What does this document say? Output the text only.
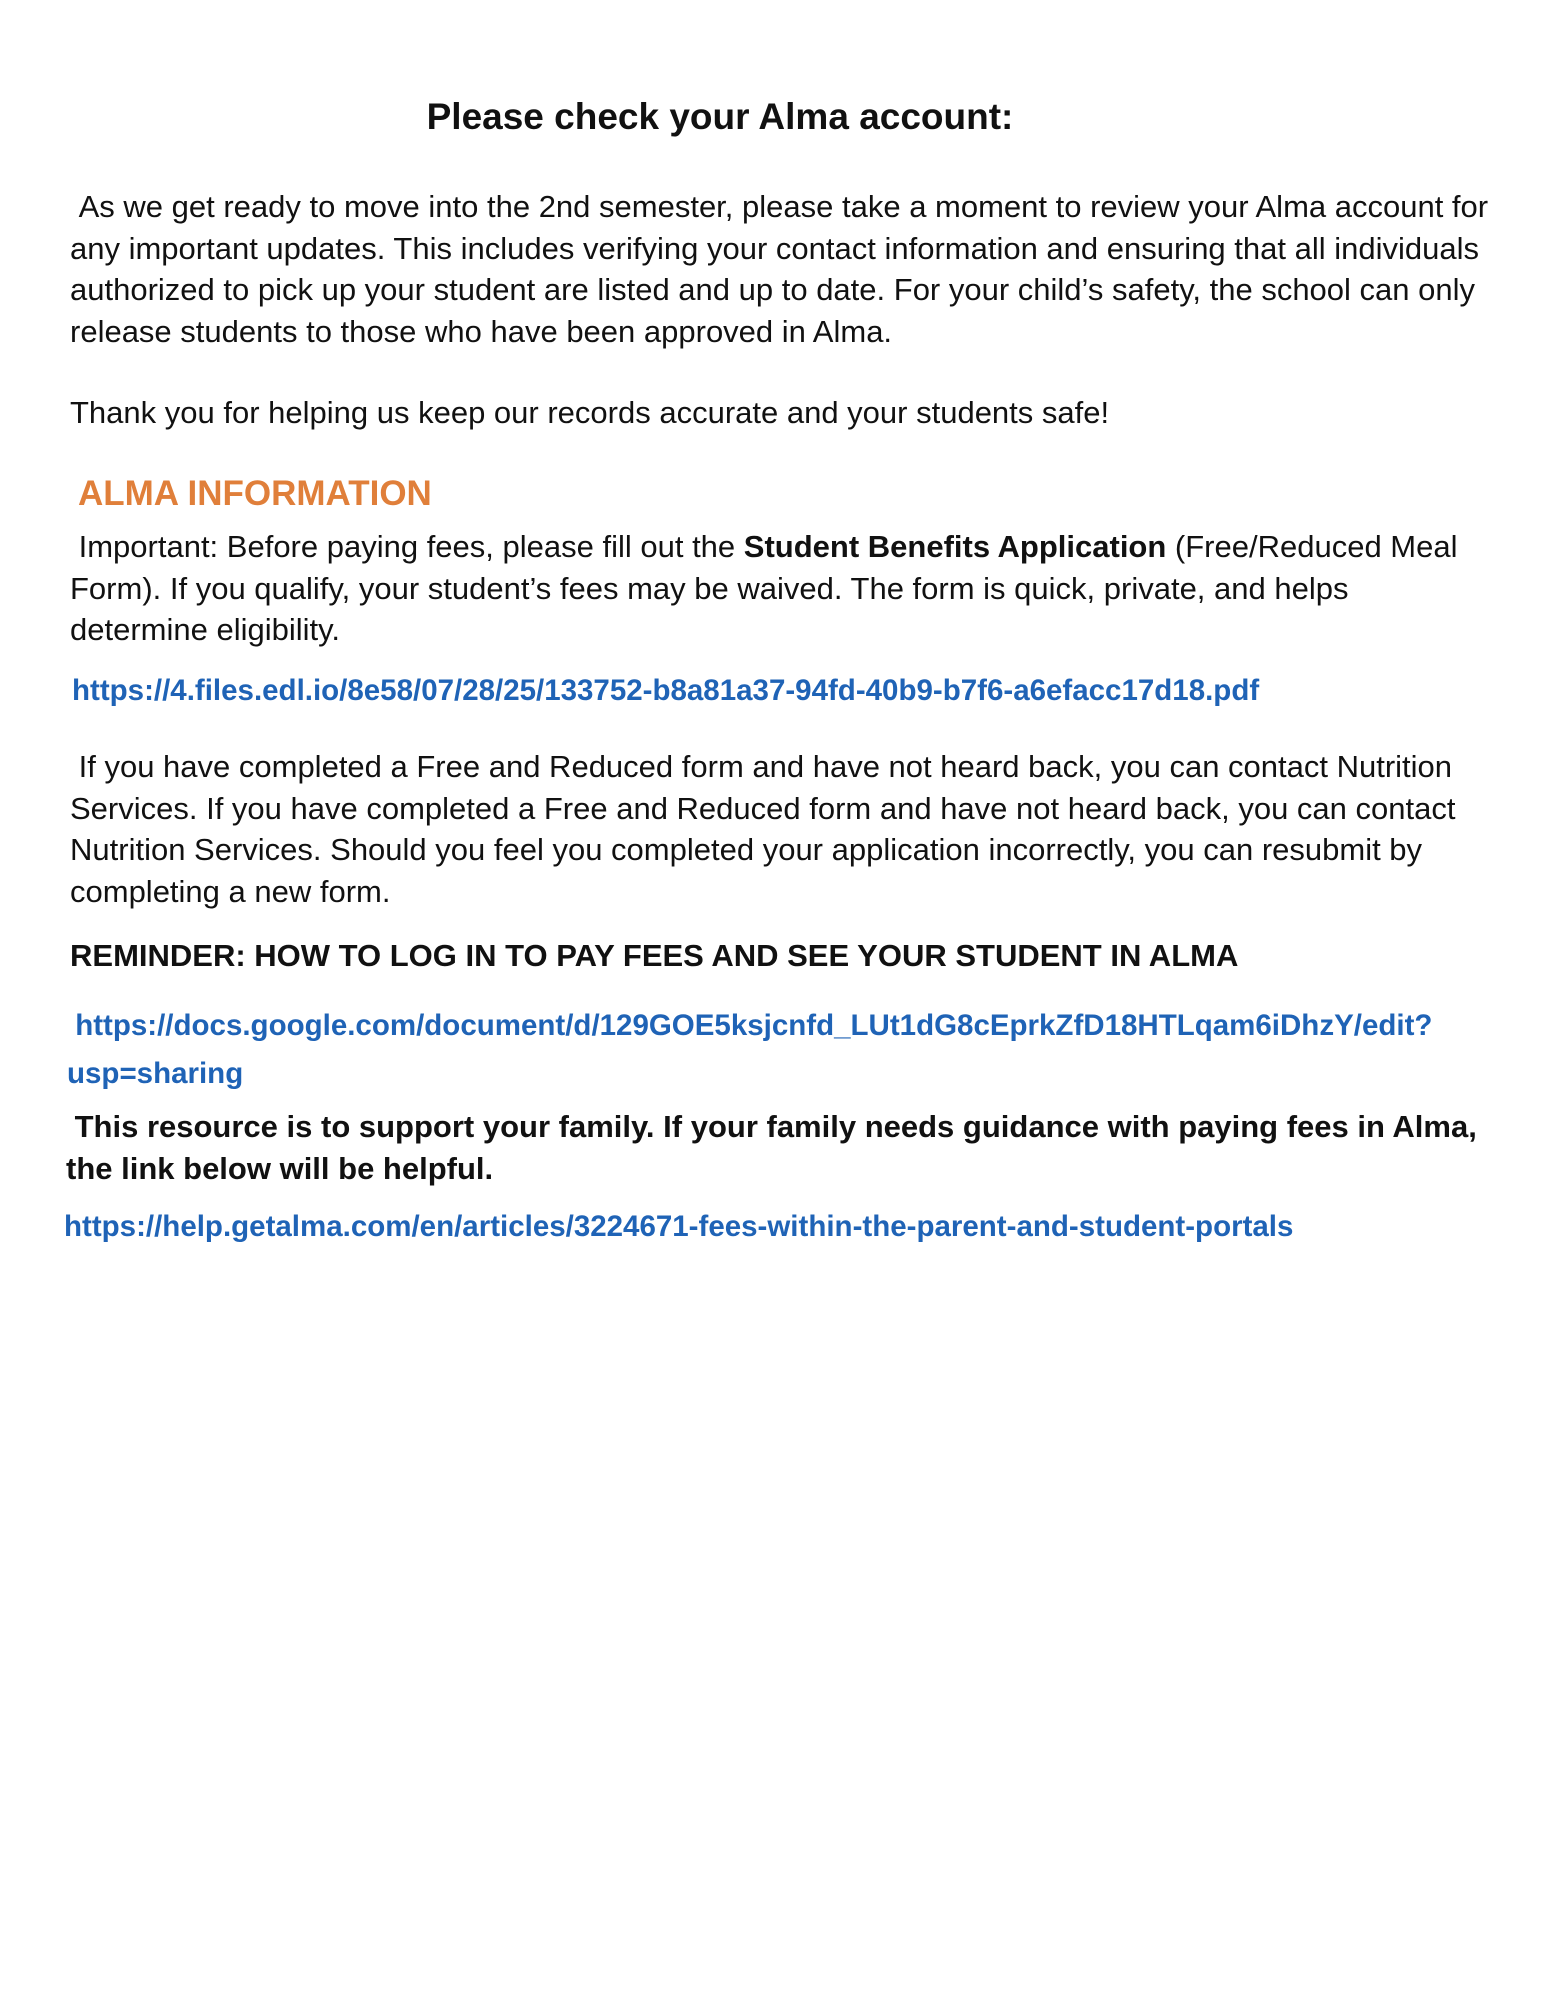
Please check your Alma account:

As we get ready to move into the 2nd semester, please take a moment to review your Alma account for any important updates. This includes verifying your contact information and ensuring that all individuals authorized to pick up your student are listed and up to date. For your child’s safety, the school can only release students to those who have been approved in Alma.

Thank you for helping us keep our records accurate and your students safe!

ALMA INFORMATION

Important: Before paying fees, please fill out the Student Benefits Application (Free/Reduced Meal Form). If you qualify, your student’s fees may be waived. The form is quick, private, and helps determine eligibility.

https://4.files.edl.io/8e58/07/28/25/133752-b8a81a37-94fd-40b9-b7f6-a6efacc17d18.pdf

If you have completed a Free and Reduced form and have not heard back, you can contact Nutrition Services. If you have completed a Free and Reduced form and have not heard back, you can contact Nutrition Services. Should you feel you completed your application incorrectly, you can resubmit by completing a new form.

REMINDER: HOW TO LOG IN TO PAY FEES AND SEE YOUR STUDENT IN ALMA

https://docs.google.com/document/d/129GOE5ksjcnfd_LUt1dG8cEprkZfD18HTLqam6iDhzY/edit?
usp=sharing

This resource is to support your family. If your family needs guidance with paying fees in Alma, the link below will be helpful.

https://help.getalma.com/en/articles/3224671-fees-within-the-parent-and-student-portals
